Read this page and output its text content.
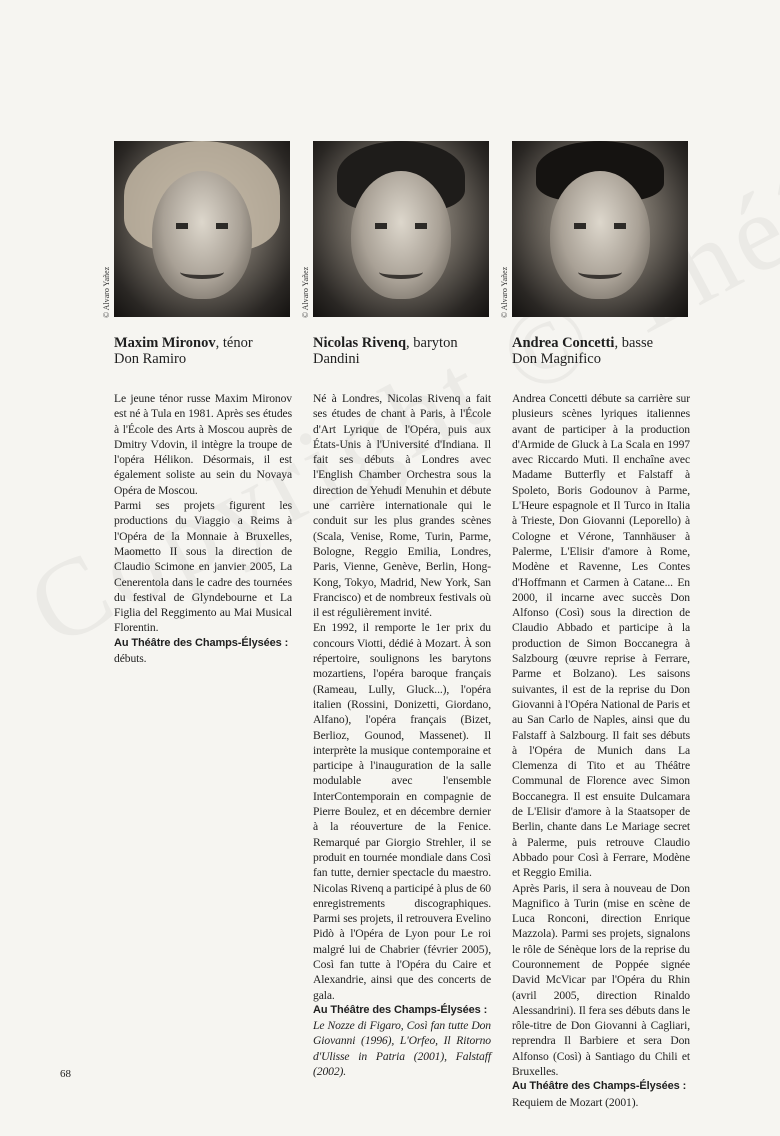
Maxim Mironov, ténor
Don Ramiro

Le jeune ténor russe Maxim Mironov est né à Tula en 1981. Après ses études à l'École des Arts à Moscou auprès de Dmitry Vdovin, il intègre la troupe de l'opéra Hélikon. Désormais, il est également soliste au sein du Novaya Opéra de Moscou.

Parmi ses projets figurent les productions du Viaggio a Reims à l'Opéra de la Monnaie à Bruxelles, Maometto II sous la direction de Claudio Scimone en janvier 2005, La Cenerentola dans le cadre des tournées du festival de Glyndebourne et La Figlia del Reggimento au Mai Musical Florentin.

Au Théâtre des Champs-Élysées :

débuts.

© Alvaro Yañez
Nicolas Rivenq, baryton
Dandini

Né à Londres, Nicolas Rivenq a fait ses études de chant à Paris, à l'École d'Art Lyrique de l'Opéra, puis aux États-Unis à l'Université d'Indiana. Il fait ses débuts à Londres avec l'English Chamber Orchestra sous la direction de Yehudi Menuhin et débute une carrière internationale qui le conduit sur les plus grandes scènes (Scala, Venise, Rome, Turin, Parme, Bologne, Reggio Emilia, Londres, Paris, Vienne, Genève, Berlin, Hong-Kong, Tokyo, Madrid, New York, San Francisco) et de nombreux festivals où il est régulièrement invité.

En 1992, il remporte le 1er prix du concours Viotti, dédié à Mozart. À son répertoire, soulignons les barytons mozartiens, l'opéra baroque français (Rameau, Lully, Gluck...), l'opéra italien (Rossini, Donizetti, Giordano, Alfano), l'opéra français (Bizet, Berlioz, Gounod, Massenet). Il interprète la musique contemporaine et participe à l'inauguration de la salle modulable avec l'ensemble InterContemporain en compagnie de Pierre Boulez, et en décembre dernier à la réouverture de la Fenice. Remarqué par Giorgio Strehler, il se produit en tournée mondiale dans Così fan tutte, dernier spectacle du maestro. Nicolas Rivenq a participé à plus de 60 enregistrements discographiques. Parmi ses projets, il retrouvera Evelino Pidò à l'Opéra de Lyon pour Le roi malgré lui de Chabrier (février 2005), Così fan tutte à l'Opéra du Caire et Alexandrie, ainsi que des concerts de gala.

Au Théâtre des Champs-Élysées :

Le Nozze di Figaro, Così fan tutte Don Giovanni (1996), L'Orfeo, Il Ritorno d'Ulisse in Patria (2001), Falstaff (2002).

© Alvaro Yañez
Andrea Concetti, basse
Don Magnifico

Andrea Concetti débute sa carrière sur plusieurs scènes lyriques italiennes avant de participer à la production d'Armide de Gluck à La Scala en 1997 avec Riccardo Muti. Il enchaîne avec Madame Butterfly et Falstaff à Spoleto, Boris Godounov à Parme, L'Heure espagnole et Il Turco in Italia à Trieste, Don Giovanni (Leporello) à Cologne et Vérone, Tannhäuser à Palerme, L'Elisir d'amore à Rome, Modène et Ravenne, Les Contes d'Hoffmann et Carmen à Catane... En 2000, il incarne avec succès Don Alfonso (Così) sous la direction de Claudio Abbado et participe à la production de Simon Boccanegra à Salzbourg (œuvre reprise à Ferrare, Parme et Bolzano). Les saisons suivantes, il est de la reprise du Don Giovanni à l'Opéra National de Paris et au San Carlo de Naples, ainsi que du Falstaff à Salzbourg. Il fait ses débuts à l'Opéra de Munich dans La Clemenza di Tito et au Théâtre Communal de Florence avec Simon Boccanegra. Il est ensuite Dulcamara de L'Elisir d'amore à la Staatsoper de Berlin, chante dans Le Mariage secret à Palerme, puis retrouve Claudio Abbado pour Così à Ferrare, Modène et Reggio Emilia.

Après Paris, il sera à nouveau de Don Magnifico à Turin (mise en scène de Luca Ronconi, direction Enrique Mazzola). Parmi ses projets, signalons le rôle de Sénèque lors de la reprise du Couronnement de Poppée signée David McVicar par l'Opéra du Rhin (avril 2005, direction Rinaldo Alessandrini). Il fera ses débuts dans le rôle-titre de Don Giovanni à Cagliari, reprendra Il Barbiere et sera Don Alfonso (Così) à Santiago du Chili et Bruxelles.

Au Théâtre des Champs-Élysées :

Requiem de Mozart (2001).

© Alvaro Yañez
68
